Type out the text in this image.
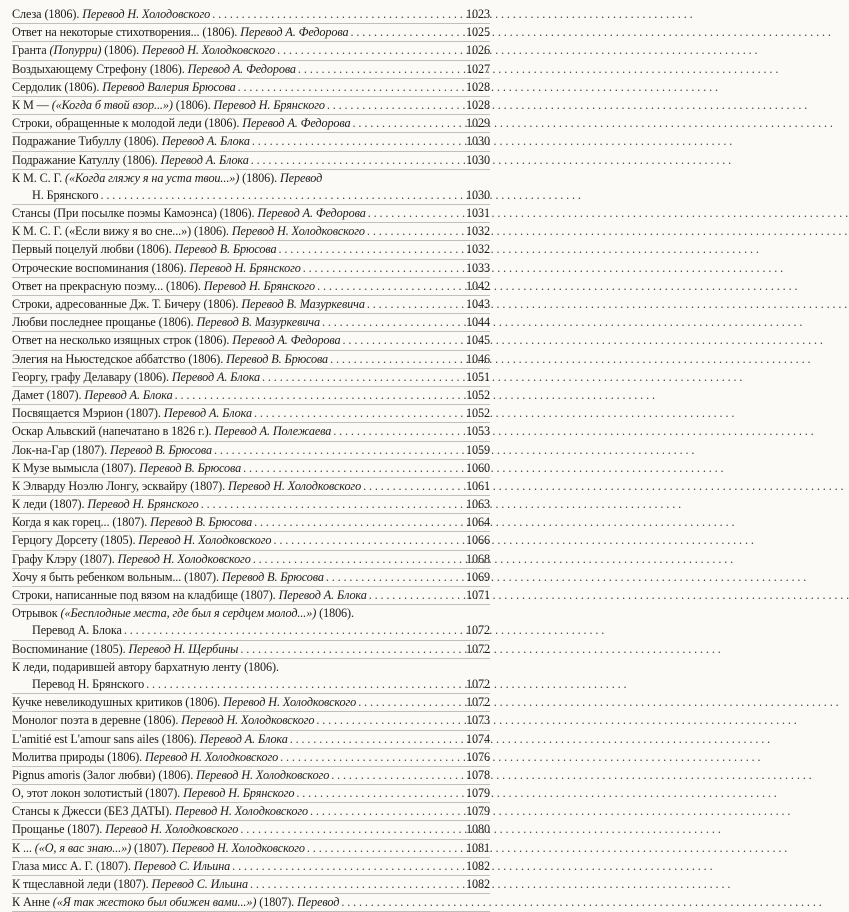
Слеза (1806). Перевод Н. Холодовского . . .	1023
Ответ на некоторые стихотворения... (1806). Перевод А. Федорова . . .	1025
Гранта (Попурри) (1806). Перевод Н. Холодковского . . .	1026
Воздыхающему Стрефону (1806). Перевод А. Федорова . . .	1027
Сердолик (1806). Перевод Валерия Брюсова . . .	1028
К М — («Когда б твой взор...») (1806). Перевод Н. Брянского . . .	1028
Строки, обращенные к молодой леди (1806). Перевод А. Федорова . . .	1029
Подражание Тибуллу (1806). Перевод А. Блока . . .	1030
Подражание Катуллу (1806). Перевод А. Блока . . .	1030
К М. С. Г. («Когда гляжу я на уста твои...») (1806). Перевод
Н. Брянского . . .	1030
Стансы (При посылке поэмы Камоэнса) (1806). Перевод А. Федорова . . .	1031
К М. С. Г. («Если вижу я во сне...») (1806). Перевод Н. Холодковского . . .	1032
Первый поцелуй любви (1806). Перевод В. Брюсова . . .	1032
Отроческие воспоминания (1806). Перевод Н. Брянского . . .	1033
Ответ на прекрасную поэму... (1806). Перевод Н. Брянского . . .	1042
Строки, адресованные Дж. Т. Бичеру (1806). Перевод В. Мазуркевича . . .	1043
Любви последнее прощанье (1806). Перевод В. Мазуркевича . . .	1044
Ответ на несколько изящных строк (1806). Перевод А. Федорова . . .	1045
Элегия на Ньюстедское аббатство (1806). Перевод В. Брюсова . . .	1046
Георгу, графу Делавару (1806). Перевод А. Блока . . .	1051
Дамет (1807). Перевод А. Блока . . .	1052
Посвящается Мэрион (1807). Перевод А. Блока . . .	1052
Оскар Альвский (напечатано в 1826 г.). Перевод А. Полежаева . . .	1053
Лок-на-Гар (1807). Перевод В. Брюсова . . .	1059
К Музе вымысла (1807). Перевод В. Брюсова . . .	1060
К Элварду Ноэлю Лонгу, эсквайру (1807). Перевод Н. Холодковского . . .	1061
К леди (1807). Перевод Н. Брянского . . .	1063
Когда я как горец... (1807). Перевод В. Брюсова . . .	1064
Герцогу Дорсету (1805). Перевод Н. Холодковского . . .	1066
Графу Клэру (1807). Перевод Н. Холодковского . . .	1068
Хочу я быть ребенком вольным... (1807). Перевод В. Брюсова . . .	1069
Строки, написанные под вязом на кладбище (1807). Перевод А. Блока . . .	1071
Отрывок («Бесплодные места, где был я сердцем молод...») (1806).
Перевод А. Блока . . .	1072
Воспоминание (1805). Перевод Н. Щербины . . .	1072
К леди, подарившей автору бархатную ленту (1806).
Перевод Н. Брянского . . .	1072
Кучке невеликодушных критиков (1806). Перевод Н. Холодковского . . .	1072
Монолог поэта в деревне (1806). Перевод Н. Холодковского . . .	1073
L'amitié est L'amour sans ailes (1806). Перевод А. Блока . . .	1074
Молитва природы (1806). Перевод Н. Холодковского . . .	1076
Pignus amoris (Залог любви) (1806). Перевод Н. Холодковского . . .	1078
О, этот локон золотистый (1807). Перевод Н. Брянского . . .	1079
Стансы к Джесси (БЕЗ ДАТЫ). Перевод Н. Холодковского . . .	1079
Прощанье (1807). Перевод Н. Холодковского . . .	1080
К ... («О, я вас знаю...») (1807). Перевод Н. Холодковского . . .	1081
Глаза мисс А. Г. (1807). Перевод С. Ильина . . .	1082
К тщеславной леди (1807). Перевод С. Ильина . . .	1082
К Анне («Я так жестоко был обижен вами...») (1807). Перевод
. . .
